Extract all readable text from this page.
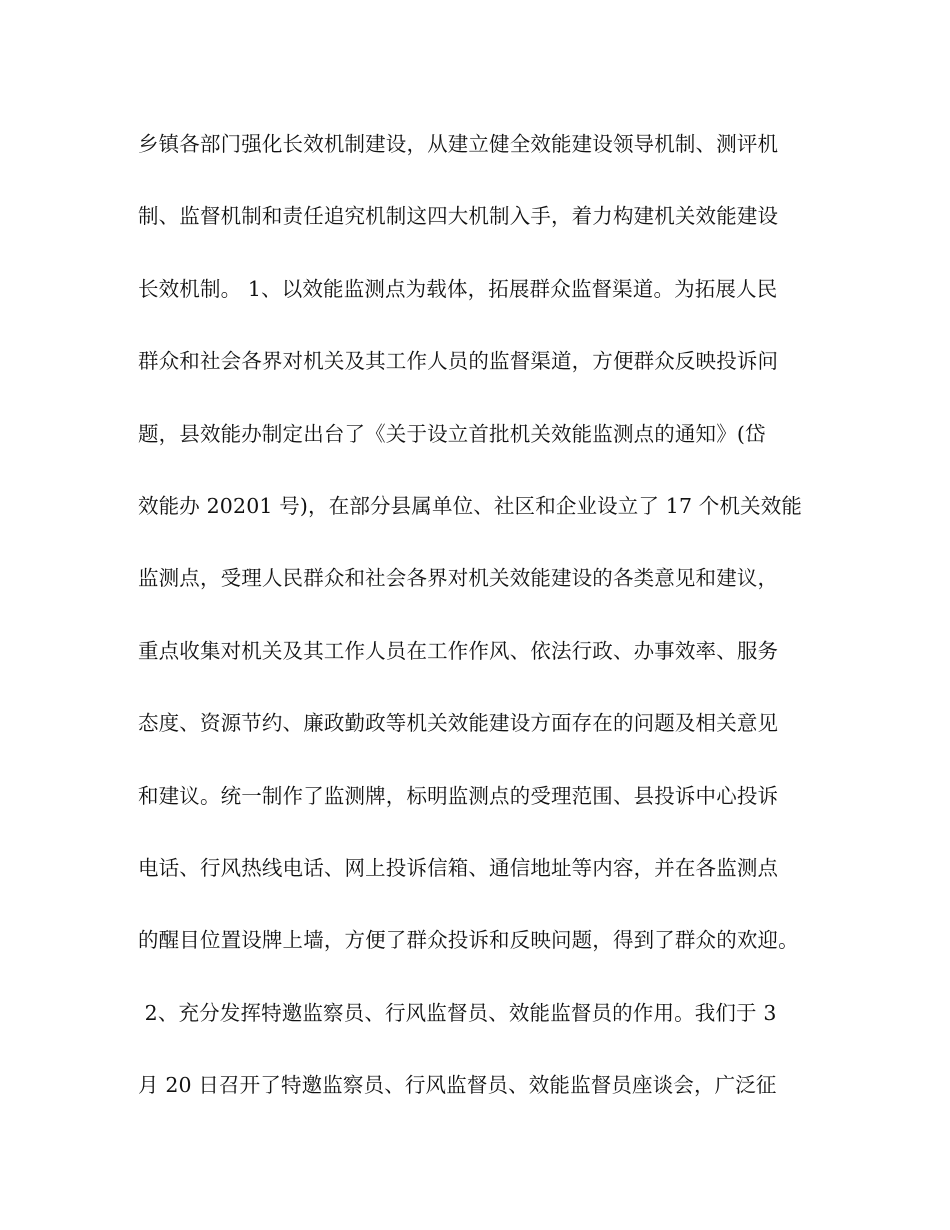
乡镇各部门强化长效机制建设，从建立健全效能建设领导机制、测评机
制、监督机制和责任追究机制这四大机制入手，着力构建机关效能建设
长效机制。 1、以效能监测点为载体，拓展群众监督渠道。为拓展人民
群众和社会各界对机关及其工作人员的监督渠道，方便群众反映投诉问
题，县效能办制定出台了《关于设立首批机关效能监测点的通知》(岱
效能办 20201 号)，在部分县属单位、社区和企业设立了 17 个机关效能
监测点，受理人民群众和社会各界对机关效能建设的各类意见和建议，
重点收集对机关及其工作人员在工作作风、依法行政、办事效率、服务
态度、资源节约、廉政勤政等机关效能建设方面存在的问题及相关意见
和建议。统一制作了监测牌，标明监测点的受理范围、县投诉中心投诉
电话、行风热线电话、网上投诉信箱、通信地址等内容，并在各监测点
的醒目位置设牌上墙，方便了群众投诉和反映问题，得到了群众的欢迎。
2、充分发挥特邀监察员、行风监督员、效能监督员的作用。我们于 3
月 20 日召开了特邀监察员、行风监督员、效能监督员座谈会，广泛征
